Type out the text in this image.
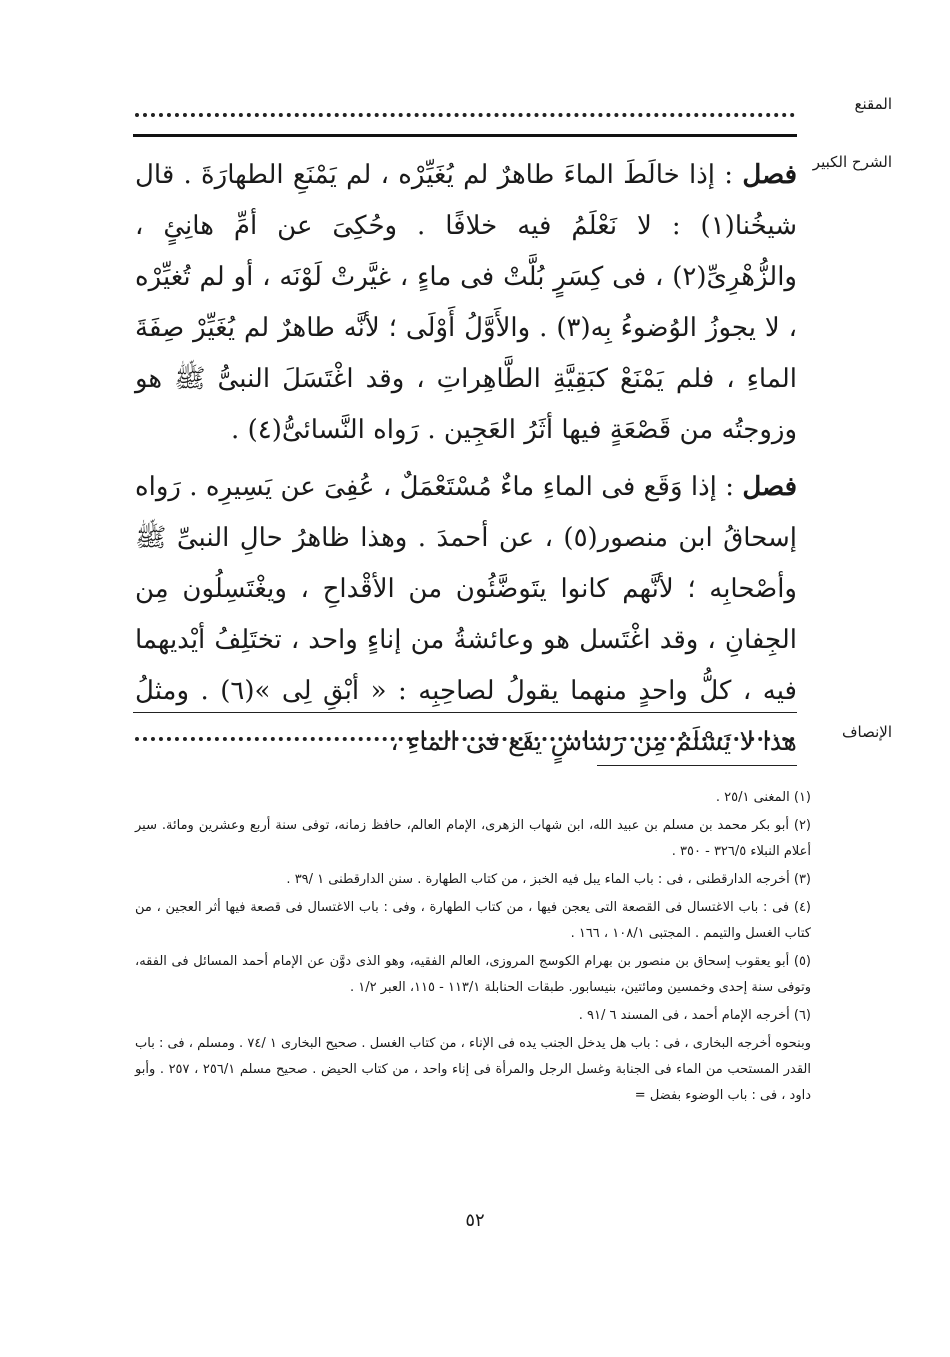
المقنع
الشرح الكبير

فصل : إذا خالَطَ الماءَ طاهرٌ لم يُغَيِّرْه ، لم يَمْنَعِ الطهارَةَ . قال شيخُنا(١) : لا نَعْلَمُ فيه خلافًا . وحُكِىَ عن أمِّ هانِئٍ ، والزُّهْرِىِّ(٢) ، فى كِسَرٍ بُلَّتْ فى ماءٍ ، غيَّرتْ لَوْنَه ، أو لم تُغيِّرْه ، لا يجوزُ الوُضوءُ بِه(٣) . والأَوَّلُ أَوْلَى ؛ لأنَّه طاهرٌ لم يُغَيِّرْ صِفَةَ الماءِ ، فلم يَمْنَعْ كبَقِيَّةِ الطَّاهِراتِ ، وقد اغْتَسَلَ النبىُّ ﷺ هو وزوجتُه من قَصْعَةٍ فيها أثَرُ العَجِين . رَواه النَّسائىُّ(٤) .

فصل : إذا وَقَع فى الماءِ ماءٌ مُسْتَعْمَلٌ ، عُفِىَ عن يَسِيرِه . رَواه إسحاقُ ابن منصور(٥) ، عن أحمدَ . وهذا ظاهرُ حالِ النبىِّ ﷺ وأصْحابِه ؛ لأنَّهم كانوا يتَوضَّئُون من الأقْداحِ ، ويغْتَسِلُون مِن الجِفانِ ، وقد اغْتَسل هو وعائشةُ من إناءٍ واحد ، تختَلِفُ أيْديهما فيه ، كلُّ واحدٍ منهما يقولُ لصاحِبِه : « أبْقِ لِى »(٦) . ومثلُ هذا لا يَسْلَمُ مِن رَشاشٍ يقَع فى الماءِ ،	الإنصاف
(١) المغنى ٢٥/١ .
(٢) أبو بكر محمد بن مسلم بن عبيد الله، ابن شهاب الزهرى، الإمام العالم، حافظ زمانه، توفى سنة أربع وعشرين ومائة. سير أعلام النبلاء ٣٢٦/٥ - ٣٥٠ .
(٣) أخرجه الدارقطنى ، فى : باب الماء يبل فيه الخبز ، من كتاب الطهارة . سنن الدارقطنى ١ /٣٩ .
(٤) فى : باب الاغتسال فى القصعة التى يعجن فيها ، من كتاب الطهارة ، وفى : باب الاغتسال فى قصعة فيها أثر العجين ، من كتاب الغسل والتيمم . المجتبى ١٠٨/١ ، ١٦٦ .
(٥) أبو يعقوب إسحاق بن منصور بن بهرام الكوسج المروزى، العالم الفقيه، وهو الذى دوَّن عن الإمام أحمد المسائل فى الفقه، وتوفى سنة إحدى وخمسين ومائتين، بنيسابور. طبقات الحنابلة ١١٣/١ - ١١٥، العبر ١/٢ .
(٦) أخرجه الإمام أحمد ، فى المسند ٦ /٩١ .
وبنحوه أخرجه البخارى ، فى : باب هل يدخل الجنب يده فى الإناء ، من كتاب الغسل . صحيح البخارى ١ /٧٤ . ومسلم ، فى : باب القدر المستحب من الماء فى الجنابة وغسل الرجل والمرأة فى إناء واحد ، من كتاب الحيض . صحيح مسلم ٢٥٦/١ ، ٢٥٧ . وأبو داود ، فى : باب الوضوء بفضل =
٥٢
